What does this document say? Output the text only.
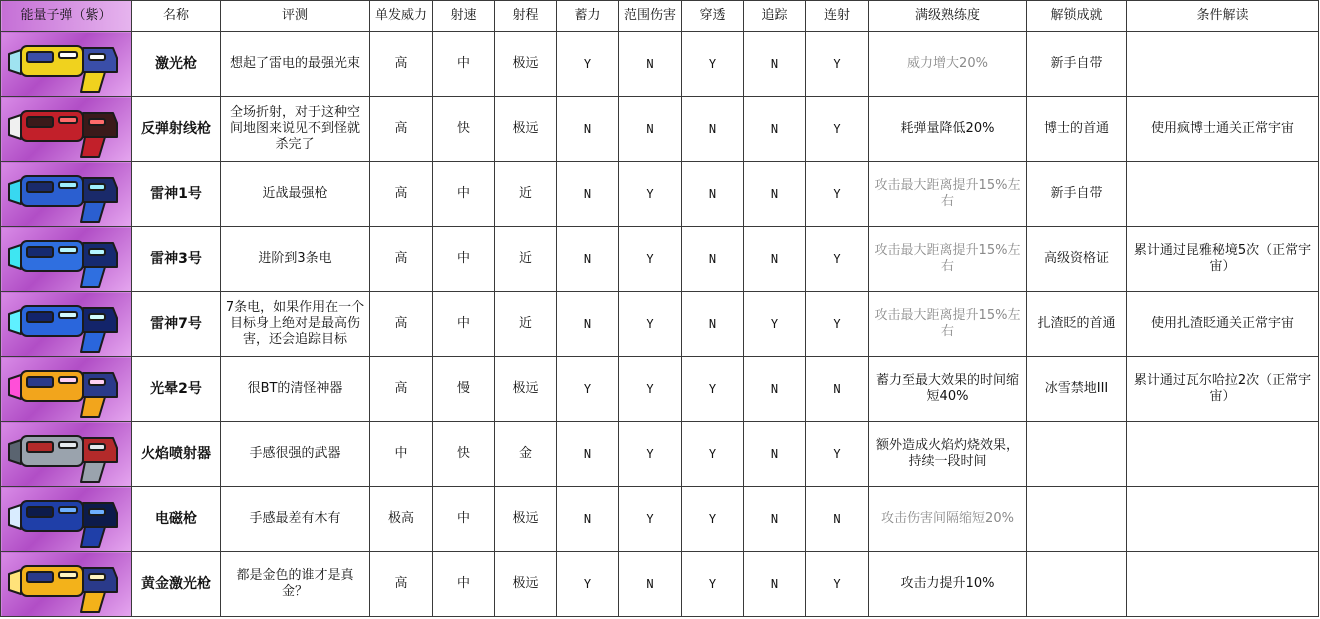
能量子弹（紫）	名称	评测	单发威力	射速	射程	蓄力	范围伤害	穿透	追踪	连射	满级熟练度	解锁成就	条件解读

	激光枪	想起了雷电的最强光束	高	中	极远	Y	N	Y	N	Y	威力增大20%	新手自带	

	反弹射线枪	全场折射，对于这种空间地图来说见不到怪就杀完了	高	快	极远	N	N	N	N	Y	耗弹量降低20%	博士的首通	使用疯博士通关正常宇宙

	雷神1号	近战最强枪	高	中	近	N	Y	N	N	Y	攻击最大距离提升15%左右	新手自带	

	雷神3号	进阶到3条电	高	中	近	N	Y	N	N	Y	攻击最大距离提升15%左右	高级资格证	累计通过昆雅秘境5次（正常宇宙）

	雷神7号	7条电，如果作用在一个目标身上绝对是最高伤害，还会追踪目标	高	中	近	N	Y	N	Y	Y	攻击最大距离提升15%左右	扎渣眨的首通	使用扎渣眨通关正常宇宙

	光晕2号	很BT的清怪神器	高	慢	极远	Y	Y	Y	N	N	蓄力至最大效果的时间缩短40%	冰雪禁地III	累计通过瓦尔哈拉2次（正常宇宙）

	火焰喷射器	手感很强的武器	中	快	金	N	Y	Y	N	Y	额外造成火焰灼烧效果，持续一段时间		

	电磁枪	手感最差有木有	极高	中	极远	N	Y	Y	N	N	攻击伤害间隔缩短20%		

	黄金激光枪	都是金色的谁才是真金？	高	中	极远	Y	N	Y	N	Y	攻击力提升10%		
